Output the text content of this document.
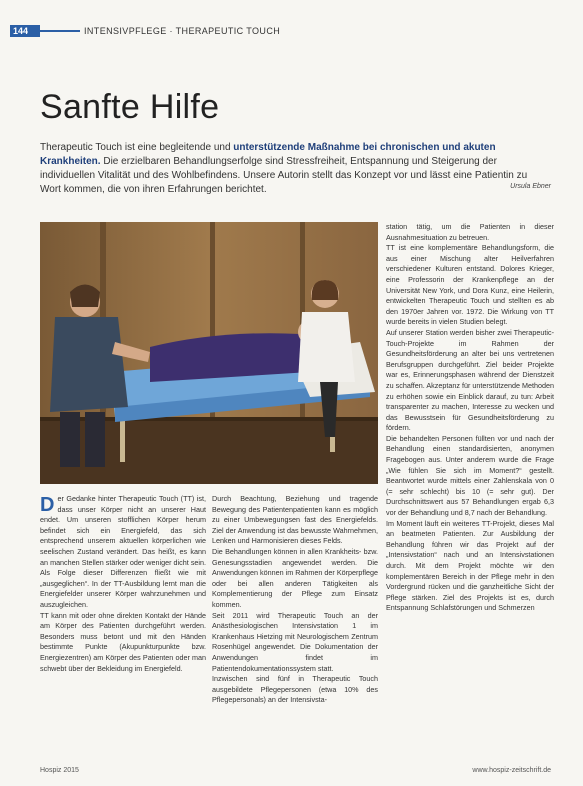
144	INTENSIVPFLEGE · THERAPEUTIC TOUCH
Sanfte Hilfe
Therapeutic Touch ist eine begleitende und unterstützende Maßnahme bei chronischen und akuten Krankheiten. Die erzielbaren Behandlungserfolge sind Stressfreiheit, Entspannung und Steigerung der individuellen Vitalität und des Wohlbefindens. Unsere Autorin stellt das Konzept vor und lässt eine Patientin zu Wort kommen, die von ihren Erfahrungen berichtet.	Ursula Ebner

Der Gedanke hinter Therapeutic Touch (TT) ist, dass unser Körper nicht an unserer Haut endet. Um unseren stofflichen Körper herum befindet sich ein Energiefeld, das sich entsprechend unserem aktuellen körperlichen wie seelischen Zustand verändert. Das heißt, es kann an manchen Stellen stärker oder weniger dicht sein. Als Folge dieser Differenzen fließt wie mit „ausgeglichen“. In der TT-Ausbildung lernt man die Energiefelder unserer Körper wahrzunehmen und auszugleichen.

TT kann mit oder ohne direkten Kontakt der Hände am Körper des Patienten durchgeführt werden. Besonders muss betont und mit den Händen bestimmte Punkte (Akupunkturpunkte bzw. Energiezentren) am Körper des Patienten oder man schwebt über der Bekleidung im Energiefeld.

Durch Beachtung, Beziehung und tragende Bewegung des Patientenpatienten kann es möglich zu einer Umbewegungsen fast des Energiefelds. Ziel der Anwendung ist das bewusste Wahrnehmen, Lenken und Harmonisieren dieses Felds.

Die Behandlungen können in allen Krankheits- bzw. Genesungsstadien angewendet werden. Die Anwendungen können im Rahmen der Körperpflege oder bei allen anderen Tätigkeiten als Komplementierung der Pflege zum Einsatz kommen.

Seit 2011 wird Therapeutic Touch an der Anästhesiologischen Intensivstation 1 im Krankenhaus Hietzing mit Neurologischem Zentrum Rosenhügel angewendet. Die Dokumentation der Anwendungen findet im Patientendokumentationssystem statt.

Inzwischen sind fünf in Therapeutic Touch ausgebildete Pflegepersonen (etwa 10% des Pflegepersonals) an der Intensivsta-

station tätig, um die Patienten in dieser Ausnahmesituation zu betreuen.

TT ist eine komplementäre Behandlungsform, die aus einer Mischung alter Heilverfahren verschiedener Kulturen entstand. Dolores Krieger, eine Professorin der Krankenpflege an der Universität New York, und Dora Kunz, eine Heilerin, entwickelten Therapeutic Touch und stellten es ab den 1970er Jahren vor. 1972. Die Wirkung von TT wurde bereits in vielen Studien belegt.

Auf unserer Station werden bisher zwei Therapeutic-Touch-Projekte im Rahmen der Gesundheitsförderung an alter bei uns vertretenen Berufsgruppen durchgeführt. Ziel beider Projekte war es, Erinnerungsphasen während der Dienstzeit zu schaffen. Akzeptanz für unterstützende Methoden zu erhöhen sowie ein Einblick darauf, zu tun: Arbeit transparenter zu machen, Interesse zu wecken und das Bewusstsein für Gesundheitsförderung zu fördern.

Die behandelten Personen füllten vor und nach der Behandlung einen standardisierten, anonymen Fragebogen aus. Unter anderem wurde die Frage „Wie fühlen Sie sich im Moment?“ gestellt. Beantwortet wurde mittels einer Zahlenskala von 0 (= sehr schlecht) bis 10 (= sehr gut). Der Durchschnittswert aus 57 Behandlungen ergab 6,3 vor der Behandlung und 8,7 nach der Behandlung.

Im Moment läuft ein weiteres TT-Projekt, dieses Mal an beatmeten Patienten. Zur Ausbildung der Behandlung führen wir das Projekt auf der „Intensivstation“ nach und an Intensivstationen durch. Mit dem Projekt möchte wir den komplementären Bereich in der Pflege mehr in den Vordergrund rücken und die ganzheitliche Sicht der Pflege stärken. Ziel des Projekts ist es, durch Entspannung Schlafstörungen und Schmerzen

Hospiz 2015	www.hospiz-zeitschrift.de
